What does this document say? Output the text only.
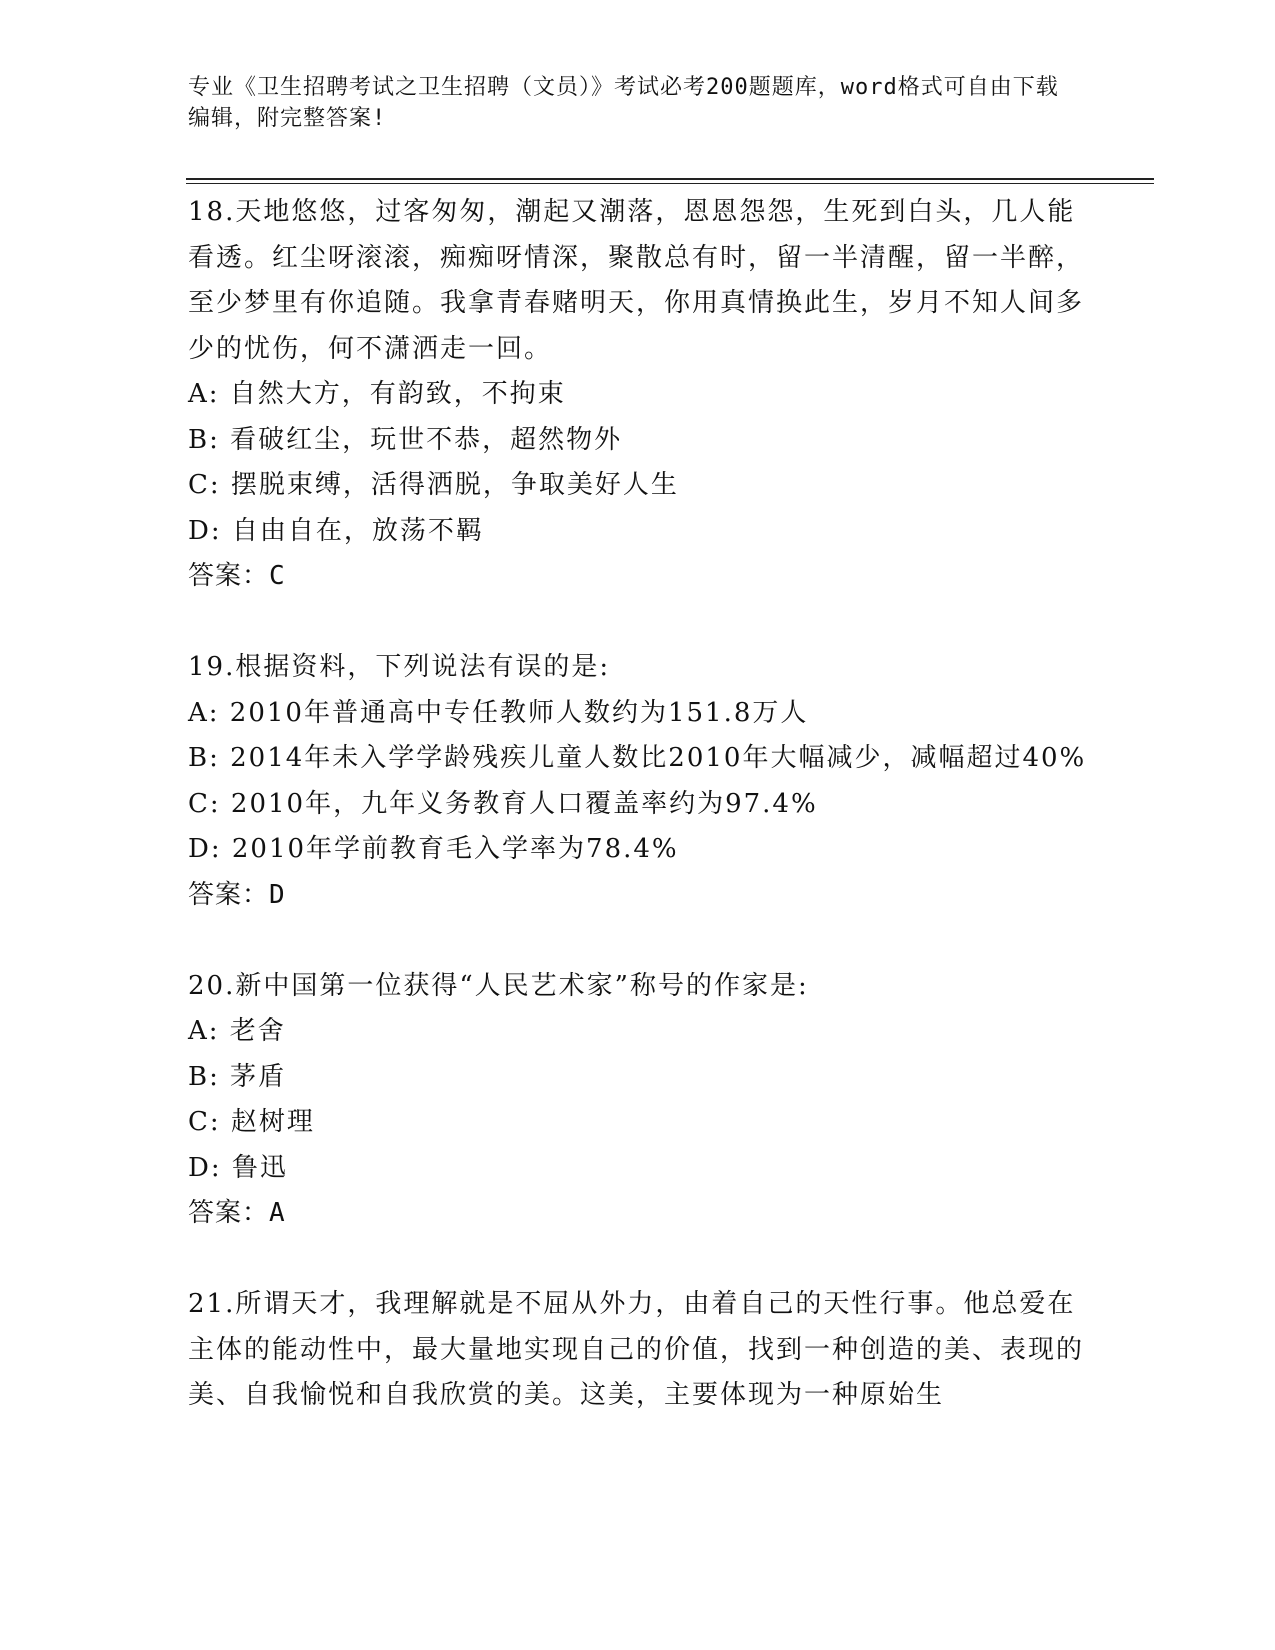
专业《卫生招聘考试之卫生招聘（文员）》考试必考200题题库，word格式可自由下载编辑，附完整答案!

18.天地悠悠，过客匆匆，潮起又潮落，恩恩怨怨，生死到白头，几人能看透。红尘呀滚滚，痴痴呀情深，聚散总有时，留一半清醒，留一半醉，至少梦里有你追随。我拿青春赌明天，你用真情换此生，岁月不知人间多少的忧伤，何不潇洒走一回。

A: 自然大方，有韵致，不拘束

B: 看破红尘，玩世不恭，超然物外

C: 摆脱束缚，活得洒脱，争取美好人生

D: 自由自在，放荡不羁

答案：C

19.根据资料，下列说法有误的是:

A: 2010年普通高中专任教师人数约为151.8万人

B: 2014年未入学学龄残疾儿童人数比2010年大幅减少，减幅超过40%

C: 2010年，九年义务教育人口覆盖率约为97.4%

D: 2010年学前教育毛入学率为78.4%

答案：D

20.新中国第一位获得“人民艺术家”称号的作家是:

A: 老舍

B: 茅盾

C: 赵树理

D: 鲁迅

答案：A

21.所谓天才，我理解就是不屈从外力，由着自己的天性行事。他总爱在主体的能动性中，最大量地实现自己的价值，找到一种创造的美、表现的美、自我愉悦和自我欣赏的美。这美，主要体现为一种原始生
